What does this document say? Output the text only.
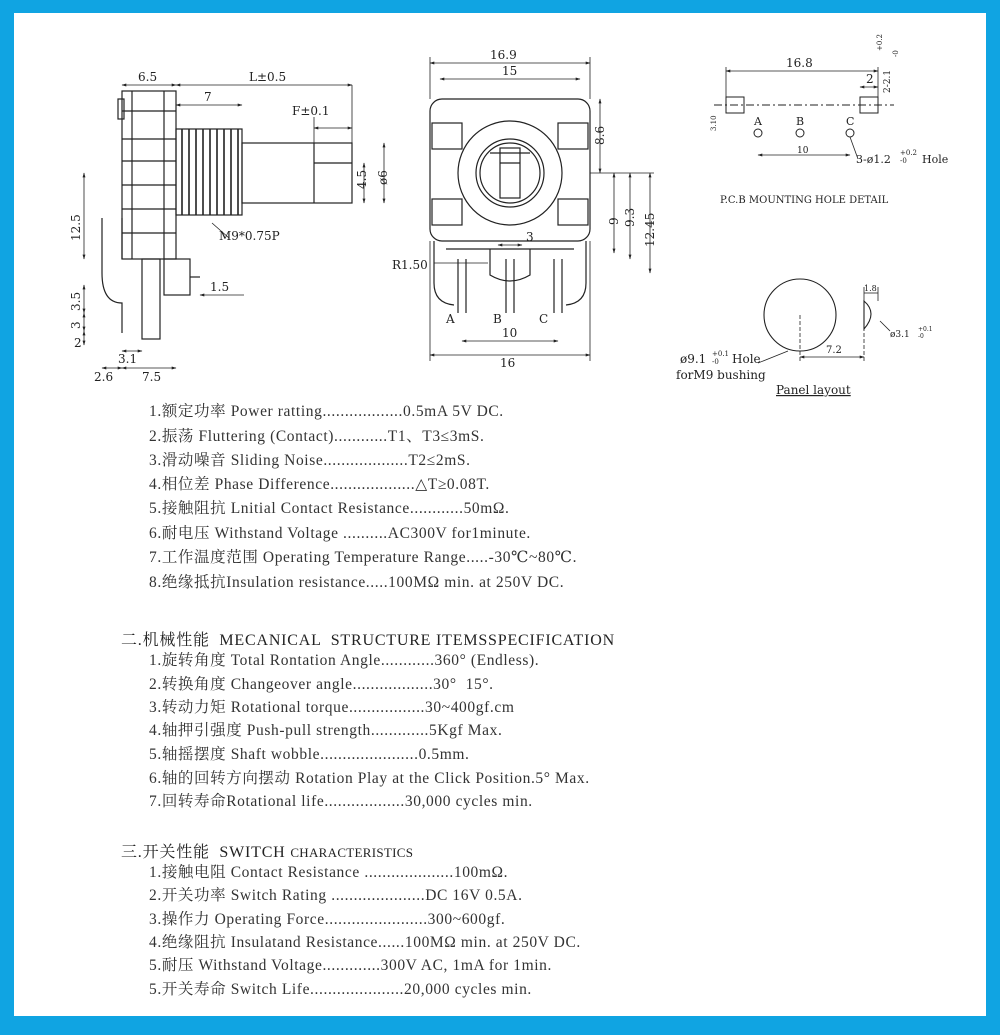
6.5	L±0.5
7
F±0.1
4.5 ø6
M9*0.75P
12.5
3.5
3
2
1.5
3.1
2.6 7.5
16.9
15
8.6
9 9.3 12.45
R1.50
3
A	B	C
10
16
16.8
2 2-2.1
+0.2
-0
3.10	A	B	C
10
3-ø1.2 +0.2
-0 Hole
P.C.B MOUNTING HOLE DETAIL
1.8
7.2
ø3.1
+0.1
-0
ø9.1 +0.1
-0 Hole
forM9 bushing
Panel layout
1.额定功率 Power ratting..................0.5mA 5V DC.
2.振荡 Fluttering (Contact)............T1、T3≤3mS.
3.滑动噪音 Sliding Noise...................T2≤2mS.
4.相位差 Phase Difference...................△T≥0.08T.
5.接触阻抗 Lnitial Contact Resistance............50mΩ.
6.耐电压 Withstand Voltage ..........AC300V for1minute.
7.工作温度范围 Operating Temperature Range.....-30℃~80℃.
8.绝缘抵抗Insulation resistance.....100MΩ min. at 250V DC.
二.机械性能  MECANICAL  STRUCTURE ITEMSSPECIFICATION
1.旋转角度 Total Rontation Angle............360° (Endless).
2.转换角度 Changeover angle..................30°  15°.
3.转动力矩 Rotational torque.................30~400gf.cm
4.轴押引强度 Push-pull strength.............5Kgf Max.
5.轴摇摆度 Shaft wobble......................0.5mm.
6.轴的回转方向摆动 Rotation Play at the Click Position.5° Max.
7.回转寿命Rotational life..................30,000 cycles min.
三.开关性能  SWITCH CHARACTERISTICS
1.接触电阻 Contact Resistance ....................100mΩ.
2.开关功率 Switch Rating .....................DC 16V 0.5A.
3.操作力 Operating Force.......................300~600gf.
4.绝缘阻抗 Insulatand Resistance......100MΩ min. at 250V DC.
5.耐压 Withstand Voltage.............300V AC, 1mA for 1min.
5.开关寿命 Switch Life.....................20,000 cycles min.
